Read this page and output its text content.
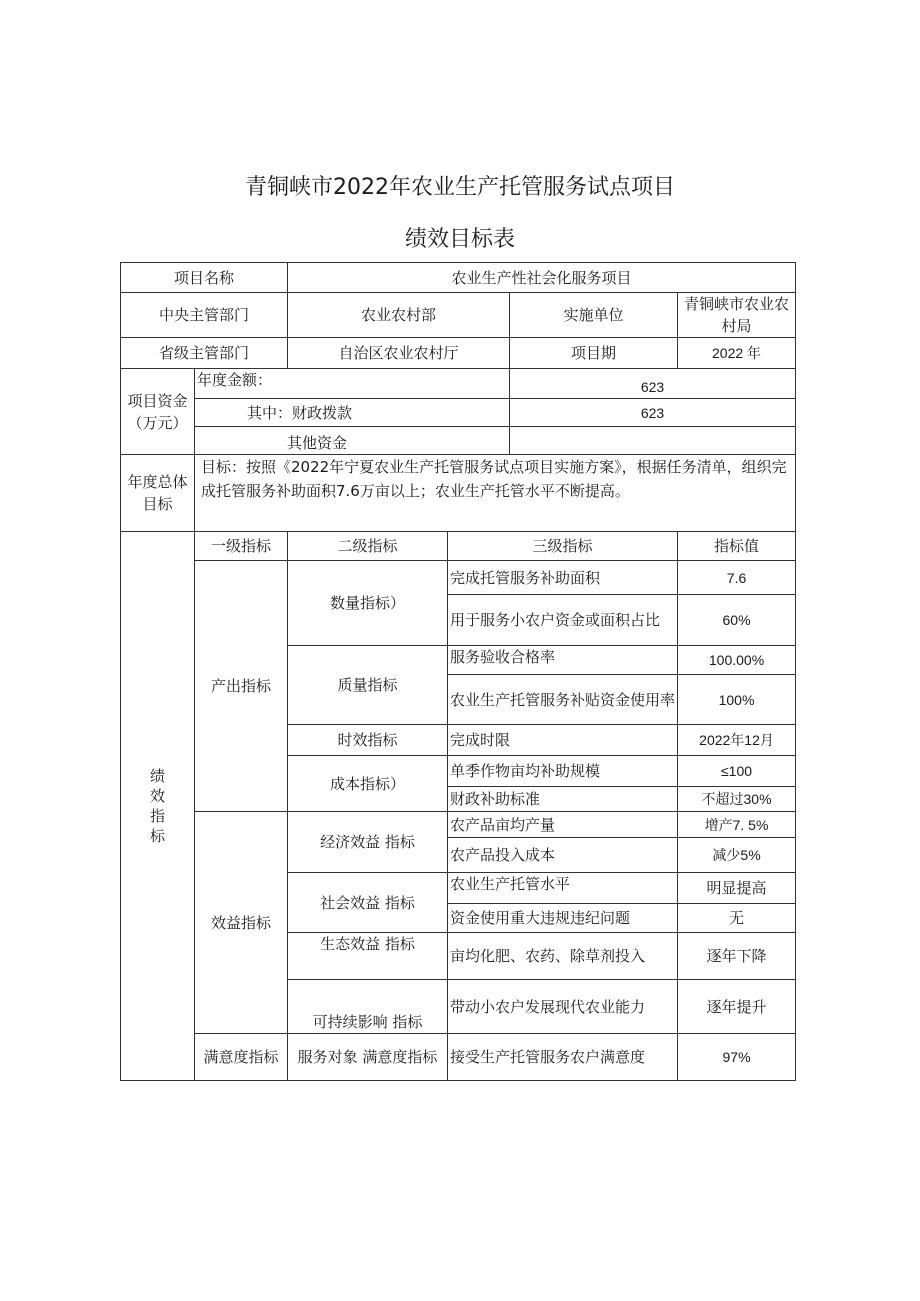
青铜峡市2022年农业生产托管服务试点项目
绩效目标表
项目名称		农业生产性社会化服务项目			
中央主管部门		农业农村部		实施单位	青铜峡市农业农村局
省级主管部门		自治区农业农村厅		项目期	2022 年

项目资金
（万元）	年度金额：			623	
	其中：财政拨款			623	
	其他资金				

年度总体
目标	目标：按照《2022年宁夏农业生产托管服务试点项目实施方案》，根据任务清单，组织完成托管服务补助面积7.6万亩以上；农业生产托管水平不断提高。				

绩
效
指
标	一级指标	二级指标	三级指标		指标值
	产出指标	数量指标）	完成托管服务补助面积		7.6
			用于服务小农户资金或面积占比		60%
		质量指标	服务验收合格率		100.00%
			农业生产托管服务补贴资金使用率		100%
		时效指标	完成时限		2022年12月
		成本指标）	单季作物亩均补助规模		≤100
			财政补助标准		不超过30%

	效益指标	经济效益 指标	农产品亩均产量		增产7. 5%
			农产品投入成本		减少5%
		社会效益 指标	农业生产托管水平		明显提高
			资金使用重大违规违纪问题		无
		生态效益 指标	亩均化肥、农药、除草剂投入		逐年下降
		可持续影响 指标	带动小农户发展现代农业能力		逐年提升

	满意度指标	服务对象 满意度指标	接受生产托管服务农户满意度		97%
